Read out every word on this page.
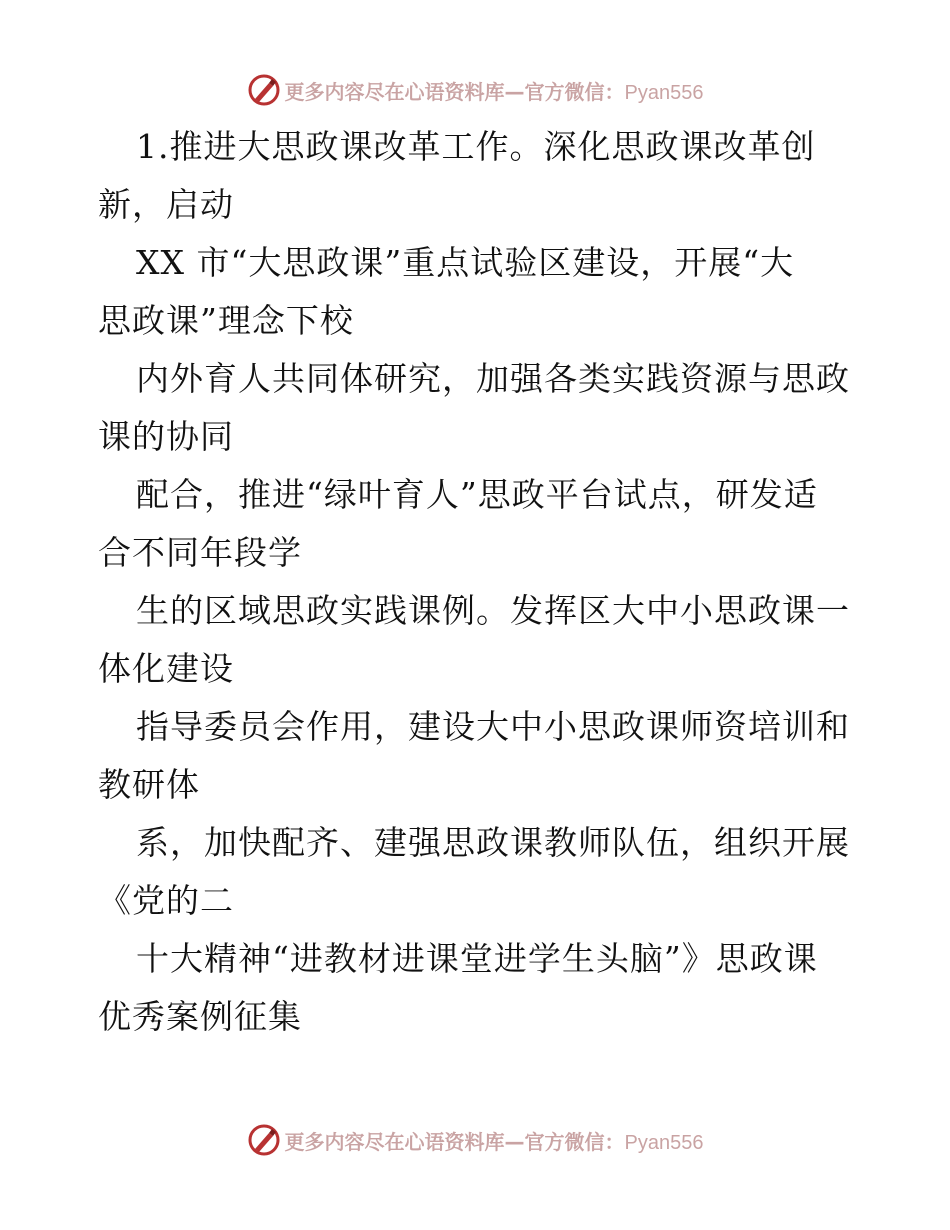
更多内容尽在心语资料库—官方微信：Pyan556

1.推进大思政课改革工作。深化思政课改革创
新，启动

XX 市“大思政课”重点试验区建设，开展“大
思政课”理念下校

内外育人共同体研究，加强各类实践资源与思政
课的协同

配合，推进“绿叶育人”思政平台试点，研发适
合不同年段学

生的区域思政实践课例。发挥区大中小思政课一
体化建设

指导委员会作用，建设大中小思政课师资培训和
教研体

系，加快配齐、建强思政课教师队伍，组织开展
《党的二

十大精神“进教材进课堂进学生头脑”》思政课
优秀案例征集

更多内容尽在心语资料库—官方微信：Pyan556
